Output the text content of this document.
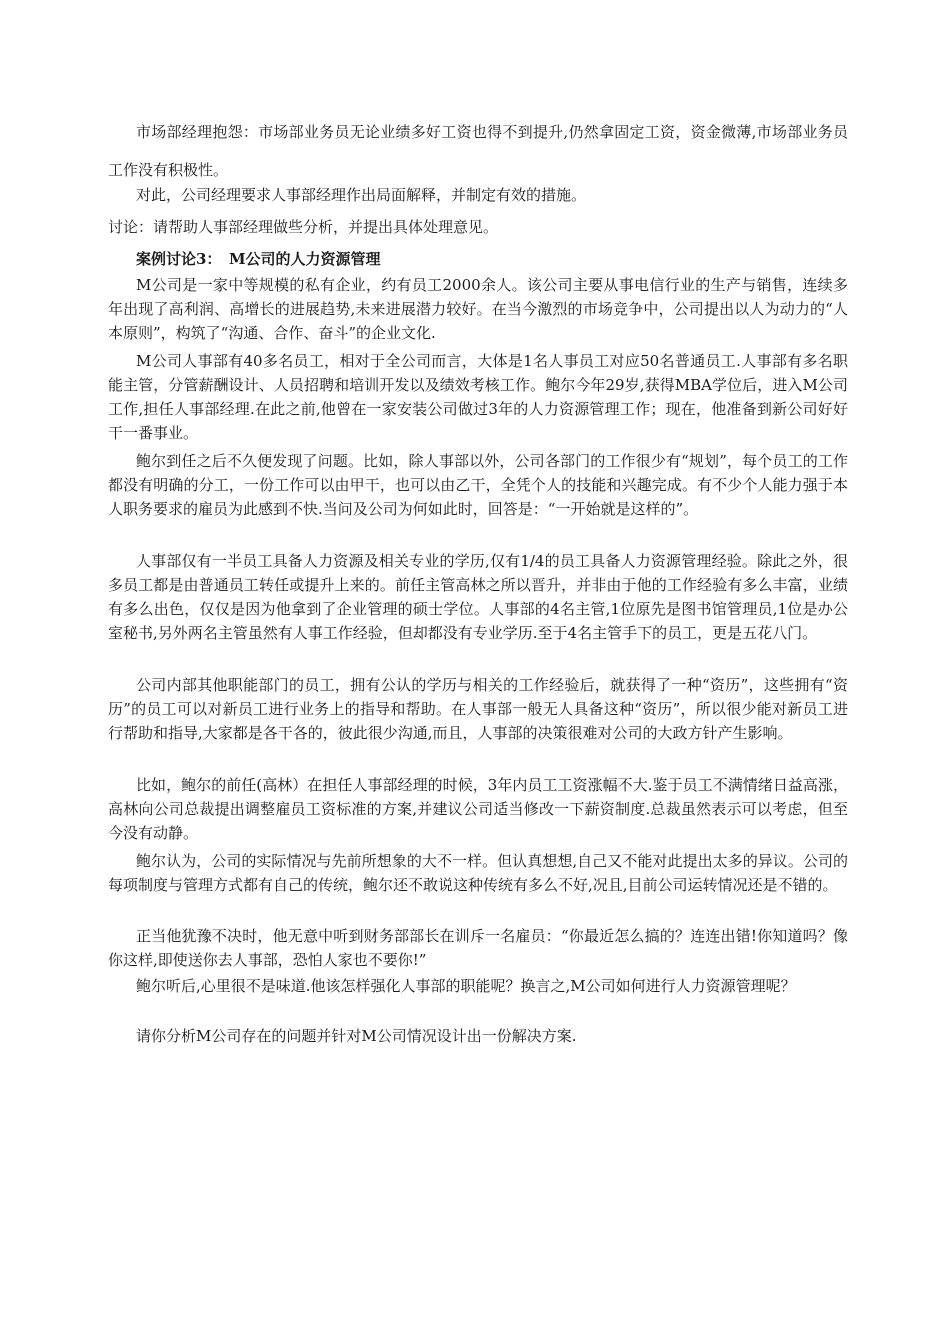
市场部经理抱怨：市场部业务员无论业绩多好工资也得不到提升,仍然拿固定工资，资金微薄,市场部业务员工作没有积极性。

对此，公司经理要求人事部经理作出局面解释，并制定有效的措施。

讨论：请帮助人事部经理做些分析，并提出具体处理意见。

案例讨论3：　M公司的人力资源管理

M公司是一家中等规模的私有企业，约有员工2000余人。该公司主要从事电信行业的生产与销售，连续多年出现了高利润、高增长的进展趋势,未来进展潜力较好。在当今激烈的市场竞争中，公司提出以人为动力的“人本原则”，构筑了“沟通、合作、奋斗”的企业文化.

M公司人事部有40多名员工，相对于全公司而言，大体是1名人事员工对应50名普通员工.人事部有多名职能主管，分管薪酬设计、人员招聘和培训开发以及绩效考核工作。鲍尔今年29岁,获得MBA学位后，进入M公司工作,担任人事部经理.在此之前,他曾在一家安装公司做过3年的人力资源管理工作；现在，他准备到新公司好好干一番事业。

鲍尔到任之后不久便发现了问题。比如，除人事部以外，公司各部门的工作很少有“规划”，每个员工的工作都没有明确的分工，一份工作可以由甲干，也可以由乙干，全凭个人的技能和兴趣完成。有不少个人能力强于本人职务要求的雇员为此感到不快.当问及公司为何如此时，回答是：“一开始就是这样的”。

人事部仅有一半员工具备人力资源及相关专业的学历,仅有1/4的员工具备人力资源管理经验。除此之外，很多员工都是由普通员工转任或提升上来的。前任主管高林之所以晋升，并非由于他的工作经验有多么丰富，业绩有多么出色，仅仅是因为他拿到了企业管理的硕士学位。人事部的4名主管,1位原先是图书馆管理员,1位是办公室秘书,另外两名主管虽然有人事工作经验，但却都没有专业学历.至于4名主管手下的员工，更是五花八门。

公司内部其他职能部门的员工，拥有公认的学历与相关的工作经验后，就获得了一种“资历”，这些拥有“资历”的员工可以对新员工进行业务上的指导和帮助。在人事部一般无人具备这种“资历”，所以很少能对新员工进行帮助和指导,大家都是各干各的，彼此很少沟通,而且，人事部的决策很难对公司的大政方针产生影响。

比如，鲍尔的前任(高林）在担任人事部经理的时候，3年内员工工资涨幅不大.鉴于员工不满情绪日益高涨，高林向公司总裁提出调整雇员工资标准的方案,并建议公司适当修改一下薪资制度.总裁虽然表示可以考虑，但至今没有动静。

鲍尔认为，公司的实际情况与先前所想象的大不一样。但认真想想,自己又不能对此提出太多的异议。公司的每项制度与管理方式都有自己的传统，鲍尔还不敢说这种传统有多么不好,况且,目前公司运转情况还是不错的。

正当他犹豫不决时，他无意中听到财务部部长在训斥一名雇员：“你最近怎么搞的？连连出错!你知道吗？像你这样,即使送你去人事部，恐怕人家也不要你!”

鲍尔听后,心里很不是味道.他该怎样强化人事部的职能呢？换言之,M公司如何进行人力资源管理呢？

请你分析M公司存在的问题并针对M公司情况设计出一份解决方案.
